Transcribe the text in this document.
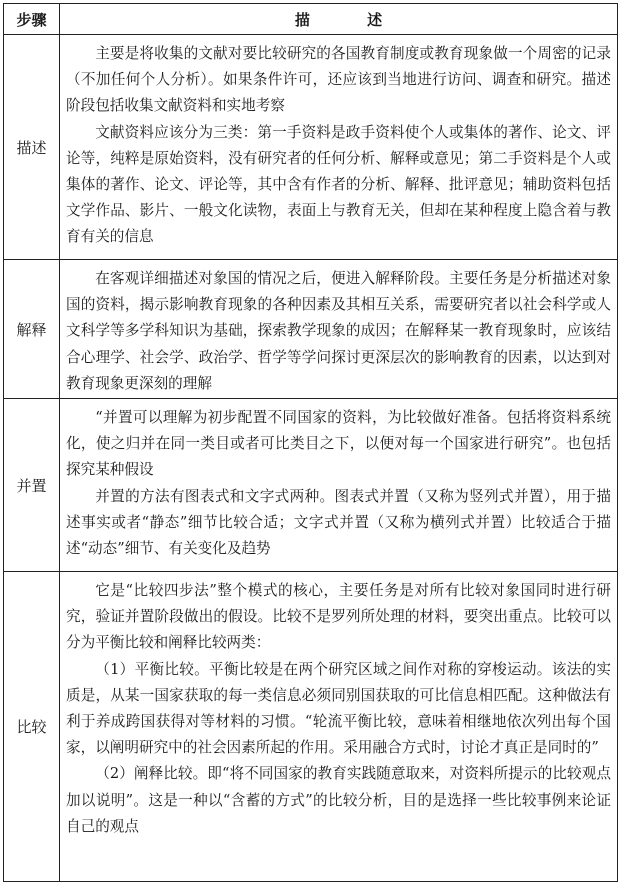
步骤	描 述
描述	主要是将收集的文献对要比较研究的各国教育制度或教育现象做一个周密的记录（不加任何个人分析）。如果条件许可，还应该到当地进行访问、调查和研究。描述阶段包括收集文献资料和实地考察

文献资料应该分为三类：第一手资料是政手资料使个人或集体的著作、论文、评论等，纯粹是原始资料，没有研究者的任何分析、解释或意见；第二手资料是个人或集体的著作、论文、评论等，其中含有作者的分析、解释、批评意见；辅助资料包括文学作品、影片、一般文化读物，表面上与教育无关，但却在某种程度上隐含着与教育有关的信息

解释	在客观详细描述对象国的情况之后，便进入解释阶段。主要任务是分析描述对象国的资料，揭示影响教育现象的各种因素及其相互关系，需要研究者以社会科学或人文科学等多学科知识为基础，探索教学现象的成因；在解释某一教育现象时，应该结合心理学、社会学、政治学、哲学等学问探讨更深层次的影响教育的因素，以达到对教育现象更深刻的理解

并置	“并置可以理解为初步配置不同国家的资料，为比较做好准备。包括将资料系统化，使之归并在同一类目或者可比类目之下，以便对每一个国家进行研究”。也包括探究某种假设

并置的方法有图表式和文字式两种。图表式并置（又称为竖列式并置），用于描述事实或者“静态”细节比较合适；文字式并置（又称为横列式并置）比较适合于描述“动态”细节、有关变化及趋势

比较	它是“比较四步法”整个模式的核心，主要任务是对所有比较对象国同时进行研究，验证并置阶段做出的假设。比较不是罗列所处理的材料，要突出重点。比较可以分为平衡比较和阐释比较两类：

（1）平衡比较。平衡比较是在两个研究区域之间作对称的穿梭运动。该法的实质是，从某一国家获取的每一类信息必须同别国获取的可比信息相匹配。这种做法有利于养成跨国获得对等材料的习惯。“轮流平衡比较，意味着相继地依次列出每个国家，以阐明研究中的社会因素所起的作用。采用融合方式时，讨论才真正是同时的”

（2）阐释比较。即“将不同国家的教育实践随意取来，对资料所提示的比较观点加以说明”。这是一种以“含蓄的方式”的比较分析，目的是选择一些比较事例来论证自己的观点
